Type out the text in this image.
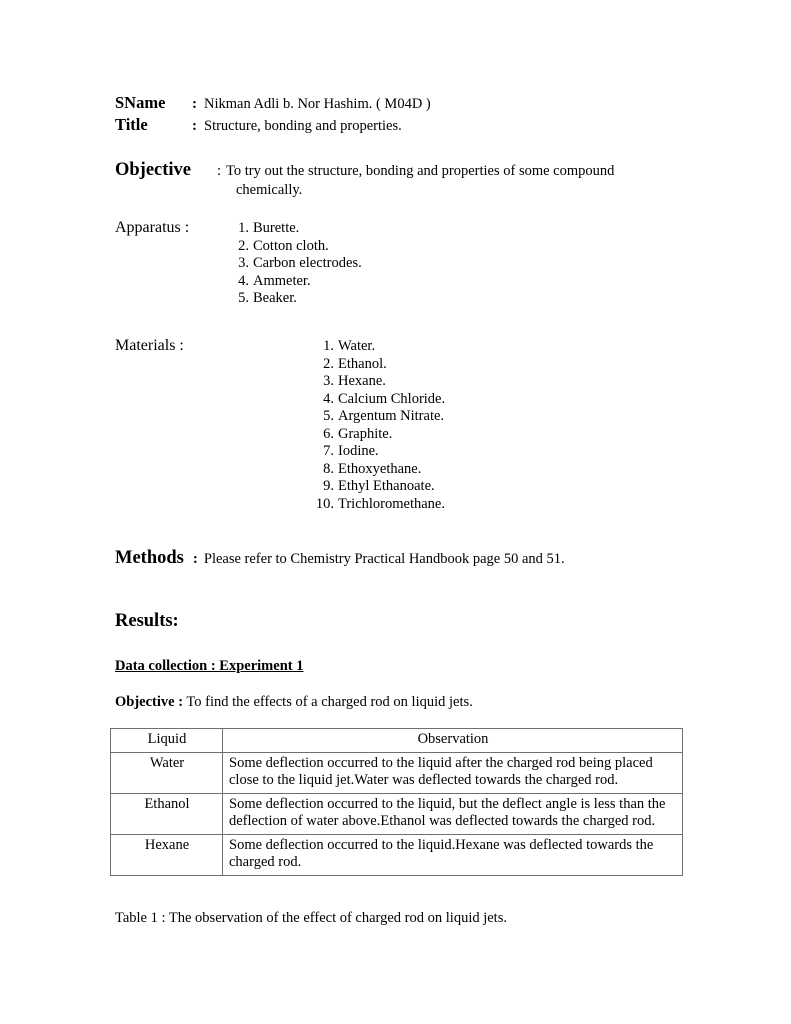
SName	: Nikman Adli b. Nor Hashim. ( M04D )
Title	: Structure, bonding and properties.
Objective	: To try out the structure, bonding and properties of some compound
chemically.
Apparatus :	1. Burette.
2. Cotton cloth.
3. Carbon electrodes.
4. Ammeter.
5. Beaker.
Materials :	1. Water.
2. Ethanol.
3. Hexane.
4. Calcium Chloride.
5. Argentum Nitrate.
6. Graphite.
7. Iodine.
8. Ethoxyethane.
9. Ethyl Ethanoate.
10. Trichloromethane.
Methods : Please refer to Chemistry Practical Handbook page 50 and 51.
Results:
Data collection : Experiment 1
Objective : To find the effects of a charged rod on liquid jets.
Liquid	Observation
Water	Some deflection occurred to the liquid after the charged rod being placed close to the liquid jet.Water was deflected towards the charged rod.
Ethanol	Some deflection occurred to the liquid, but the deflect angle is less than the deflection of water above.Ethanol was deflected towards the charged rod.
Hexane	Some deflection occurred to the liquid.Hexane was deflected towards the charged rod.
Table 1 : The observation of the effect of charged rod on liquid jets.
